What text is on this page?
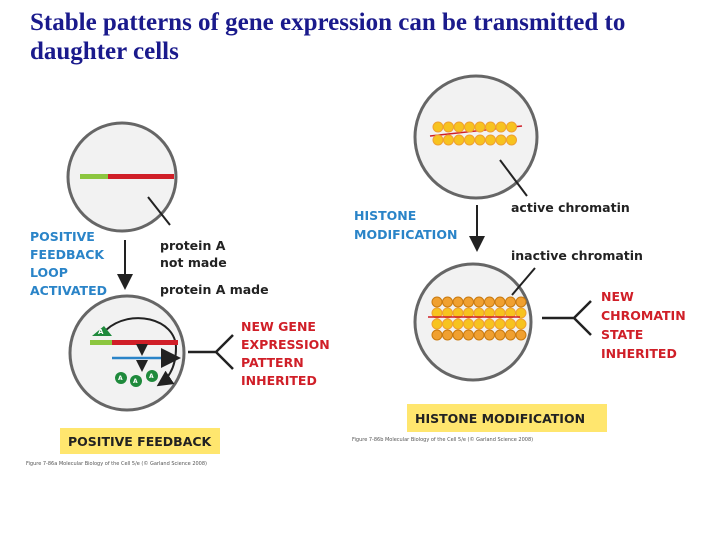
Stable patterns of gene expression can be transmitted to daughter cells
POSITIVE FEEDBACK LOOP ACTIVATED
protein A not made
protein A made
A
A A
A
NEW GENE EXPRESSION PATTERN INHERITED
POSITIVE FEEDBACK
Figure 7-86a Molecular Biology of the Cell 5/e (© Garland Science 2008)
HISTONE MODIFICATION
active chromatin
inactive chromatin
NEW CHROMATIN STATE INHERITED
HISTONE MODIFICATION
Figure 7-86b Molecular Biology of the Cell 5/e (© Garland Science 2008)
